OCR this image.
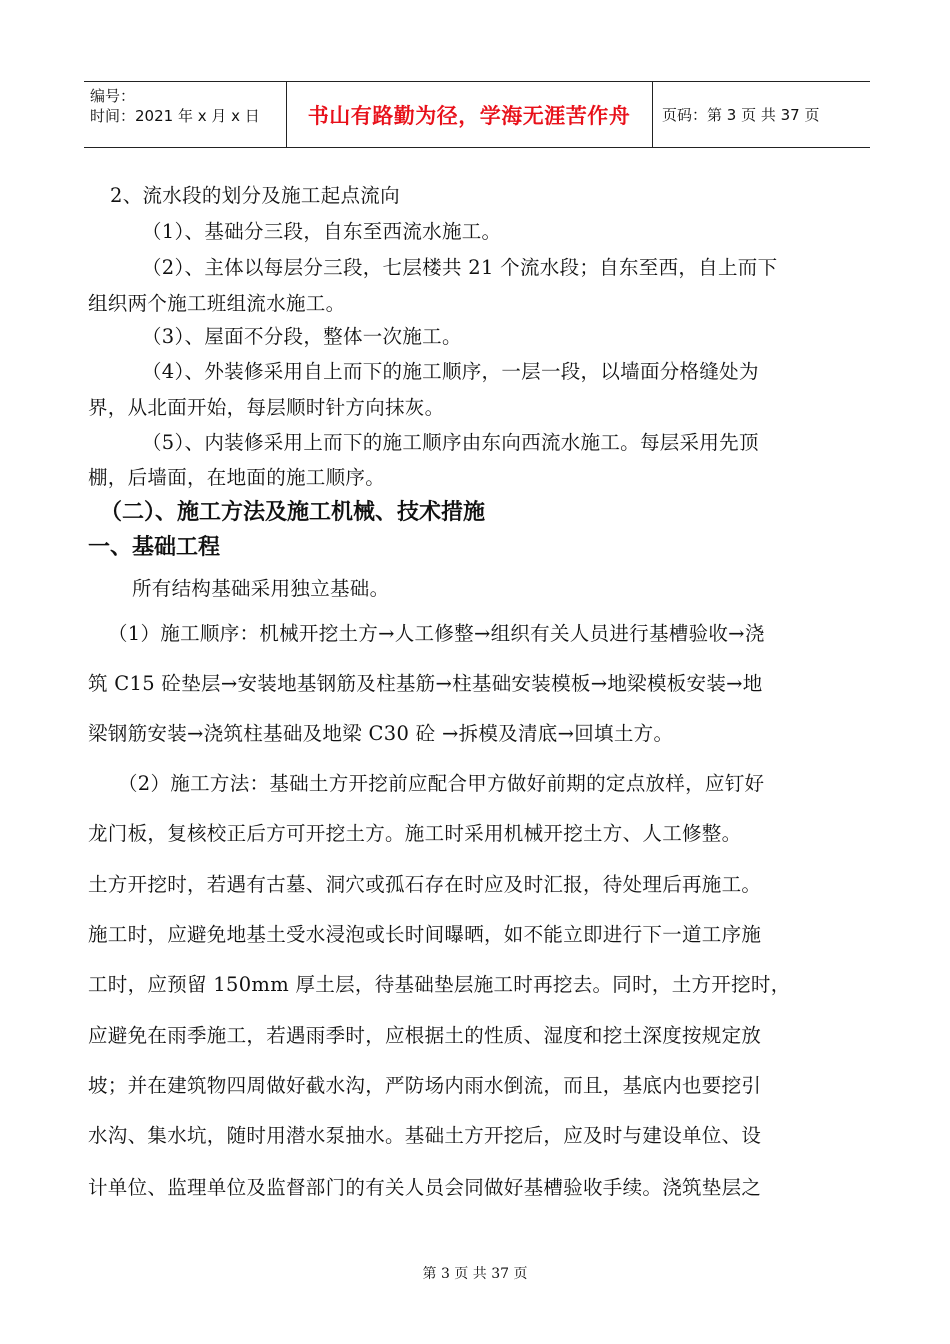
编号：
时间：2021 年 x 月 x 日	书山有路勤为径，学海无涯苦作舟	页码：第 3 页 共 37 页
2、流水段的划分及施工起点流向
（1）、基础分三段，自东至西流水施工。
（2）、主体以每层分三段，七层楼共 21 个流水段；自东至西，自上而下
组织两个施工班组流水施工。
（3）、屋面不分段，整体一次施工。
（4）、外装修采用自上而下的施工顺序，一层一段，以墙面分格缝处为
界，从北面开始，每层顺时针方向抹灰。
（5）、内装修采用上而下的施工顺序由东向西流水施工。每层采用先顶
棚，后墙面，在地面的施工顺序。
（二）、施工方法及施工机械、技术措施
一、基础工程
所有结构基础采用独立基础。
（1）施工顺序：机械开挖土方→人工修整→组织有关人员进行基槽验收→浇
筑 C15 砼垫层→安装地基钢筋及柱基筋→柱基础安装模板→地梁模板安装→地
梁钢筋安装→浇筑柱基础及地梁 C30 砼 →拆模及清底→回填土方。
（2）施工方法：基础土方开挖前应配合甲方做好前期的定点放样，应钉好
龙门板，复核校正后方可开挖土方。施工时采用机械开挖土方、人工修整。
土方开挖时，若遇有古墓、洞穴或孤石存在时应及时汇报，待处理后再施工。
施工时，应避免地基土受水浸泡或长时间曝晒，如不能立即进行下一道工序施
工时，应预留 150mm 厚土层，待基础垫层施工时再挖去。同时，土方开挖时，
应避免在雨季施工，若遇雨季时，应根据土的性质、湿度和挖土深度按规定放
坡；并在建筑物四周做好截水沟，严防场内雨水倒流，而且，基底内也要挖引
水沟、集水坑，随时用潜水泵抽水。基础土方开挖后，应及时与建设单位、设
计单位、监理单位及监督部门的有关人员会同做好基槽验收手续。浇筑垫层之
第 3 页 共 37 页
